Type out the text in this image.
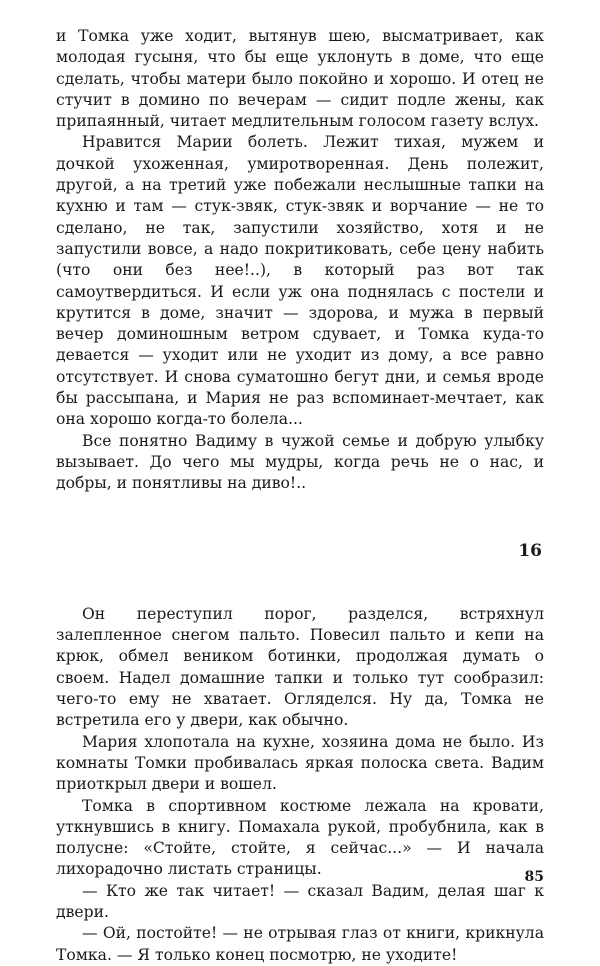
и Томка уже ходит, вытянув шею, высматривает, как молодая гусыня, что бы еще уклонуть в доме, что еще сделать, чтобы матери было покойно и хорошо. И отец не стучит в домино по вечерам — сидит подле жены, как припаянный, читает медлительным голосом газету вслух.

Нравится Марии болеть. Лежит тихая, мужем и дочкой ухоженная, умиротворенная. День полежит, другой, а на третий уже побежали неслышные тапки на кухню и там — стук-звяк, стук-звяк и ворчание — не то сделано, не так, запустили хозяйство, хотя и не запустили вовсе, а надо покритиковать, себе цену набить (что они без нее!..), в который раз вот так самоутвердиться. И если уж она поднялась с постели и крутится в доме, значит — здорова, и мужа в первый вечер доминошным ветром сдувает, и Томка куда-то девается — уходит или не уходит из дому, а все равно отсутствует. И снова суматошно бегут дни, и семья вроде бы рассыпана, и Мария не раз вспоминает-мечтает, как она хорошо когда-то болела...

Все понятно Вадиму в чужой семье и добрую улыбку вызывает. До чего мы мудры, когда речь не о нас, и добры, и понятливы на диво!..

16

Он переступил порог, разделся, встряхнул залепленное снегом пальто. Повесил пальто и кепи на крюк, обмел веником ботинки, продолжая думать о своем. Надел домашние тапки и только тут сообразил: чего-то ему не хватает. Огляделся. Ну да, Томка не встретила его у двери, как обычно.

Мария хлопотала на кухне, хозяина дома не было. Из комнаты Томки пробивалась яркая полоска света. Вадим приоткрыл двери и вошел.

Томка в спортивном костюме лежала на кровати, уткнувшись в книгу. Помахала рукой, пробубнила, как в полусне: «Стойте, стойте, я сейчас...» — И начала лихорадочно листать страницы.

— Кто же так читает! — сказал Вадим, делая шаг к двери.

— Ой, постойте! — не отрывая глаз от книги, крикнула Томка. — Я только конец посмотрю, не уходите!

85
